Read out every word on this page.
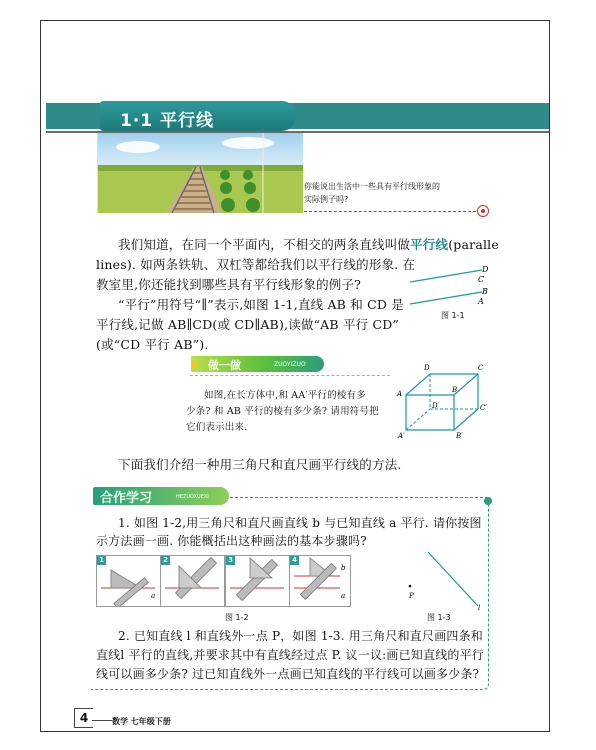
1·1 平行线
你能说出生活中一些具有平行线形象的
实际例子吗?
我们知道，在同一个平面内，不相交的两条直线叫做平行线(paralle
lines). 如两条铁轨、双杠等都给我们以平行线的形象. 在
教室里,你还能找到哪些具有平行线形象的例子?
“平行”用符号“∥”表示,如图 1-1,直线 AB 和 CD 是
平行线,记做 AB∥CD(或 CD∥AB),读做“AB 平行 CD”
(或“CD 平行 AB”).
C
D
A
B
图 1-1
做一做	ZUOYIZUO
如图,在长方体中,和 AA′平行的棱有多
少条? 和 AB 平行的棱有多少条? 请用符号把
它们表示出来.
D	C
A	B
D′	C′
A′	B′
下面我们介绍一种用三角尺和直尺画平行线的方法.
合作学习	HEZUOXUEXI
1. 如图 1-2,用三角尺和直尺画直线 b 与已知直线 a 平行. 请你按图
示方法画一画. 你能概括出这种画法的基本步骤吗?
1
a
2	3	4
b
a
图 1-2
P
l
图 1-3
2. 已知直线 l 和直线外一点 P，如图 1-3. 用三角尺和直尺画四条和
直线l 平行的直线,并要求其中有直线经过点 P. 议一议:画已知直线的平行
线可以画多少条? 过已知直线外一点画已知直线的平行线可以画多少条?
4	数学 七年级下册
